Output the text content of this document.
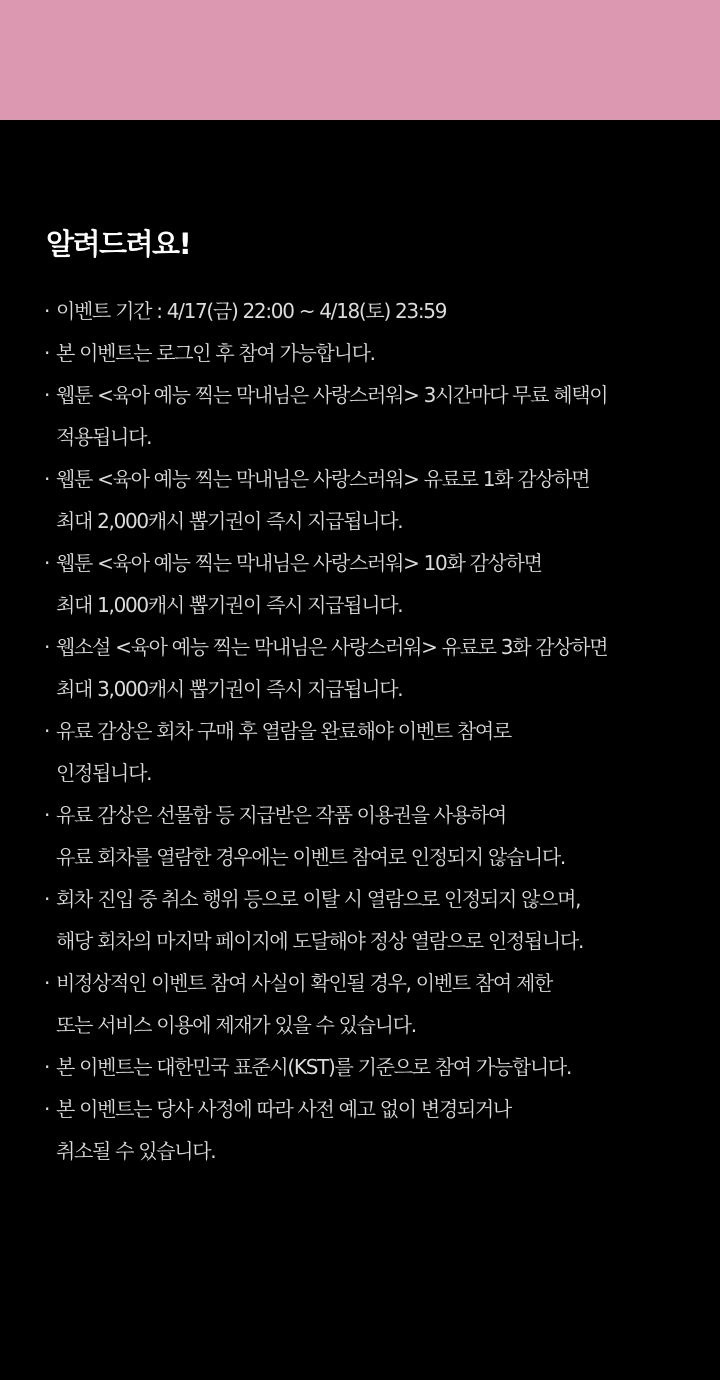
알려드려요!
· 이벤트 기간 : 4/17(금) 22:00 ~ 4/18(토) 23:59
· 본 이벤트는 로그인 후 참여 가능합니다.
· 웹툰 <육아 예능 찍는 막내님은 사랑스러워> 3시간마다 무료 혜택이
적용됩니다.
· 웹툰 <육아 예능 찍는 막내님은 사랑스러워> 유료로 1화 감상하면
최대 2,000캐시 뽑기권이 즉시 지급됩니다.
· 웹툰 <육아 예능 찍는 막내님은 사랑스러워> 10화 감상하면
최대 1,000캐시 뽑기권이 즉시 지급됩니다.
· 웹소설 <육아 예능 찍는 막내님은 사랑스러워> 유료로 3화 감상하면
최대 3,000캐시 뽑기권이 즉시 지급됩니다.
· 유료 감상은 회차 구매 후 열람을 완료해야 이벤트 참여로
인정됩니다.
· 유료 감상은 선물함 등 지급받은 작품 이용권을 사용하여
유료 회차를 열람한 경우에는 이벤트 참여로 인정되지 않습니다.
· 회차 진입 중 취소 행위 등으로 이탈 시 열람으로 인정되지 않으며,
해당 회차의 마지막 페이지에 도달해야 정상 열람으로 인정됩니다.
· 비정상적인 이벤트 참여 사실이 확인될 경우, 이벤트 참여 제한
또는 서비스 이용에 제재가 있을 수 있습니다.
· 본 이벤트는 대한민국 표준시(KST)를 기준으로 참여 가능합니다.
· 본 이벤트는 당사 사정에 따라 사전 예고 없이 변경되거나
취소될 수 있습니다.
